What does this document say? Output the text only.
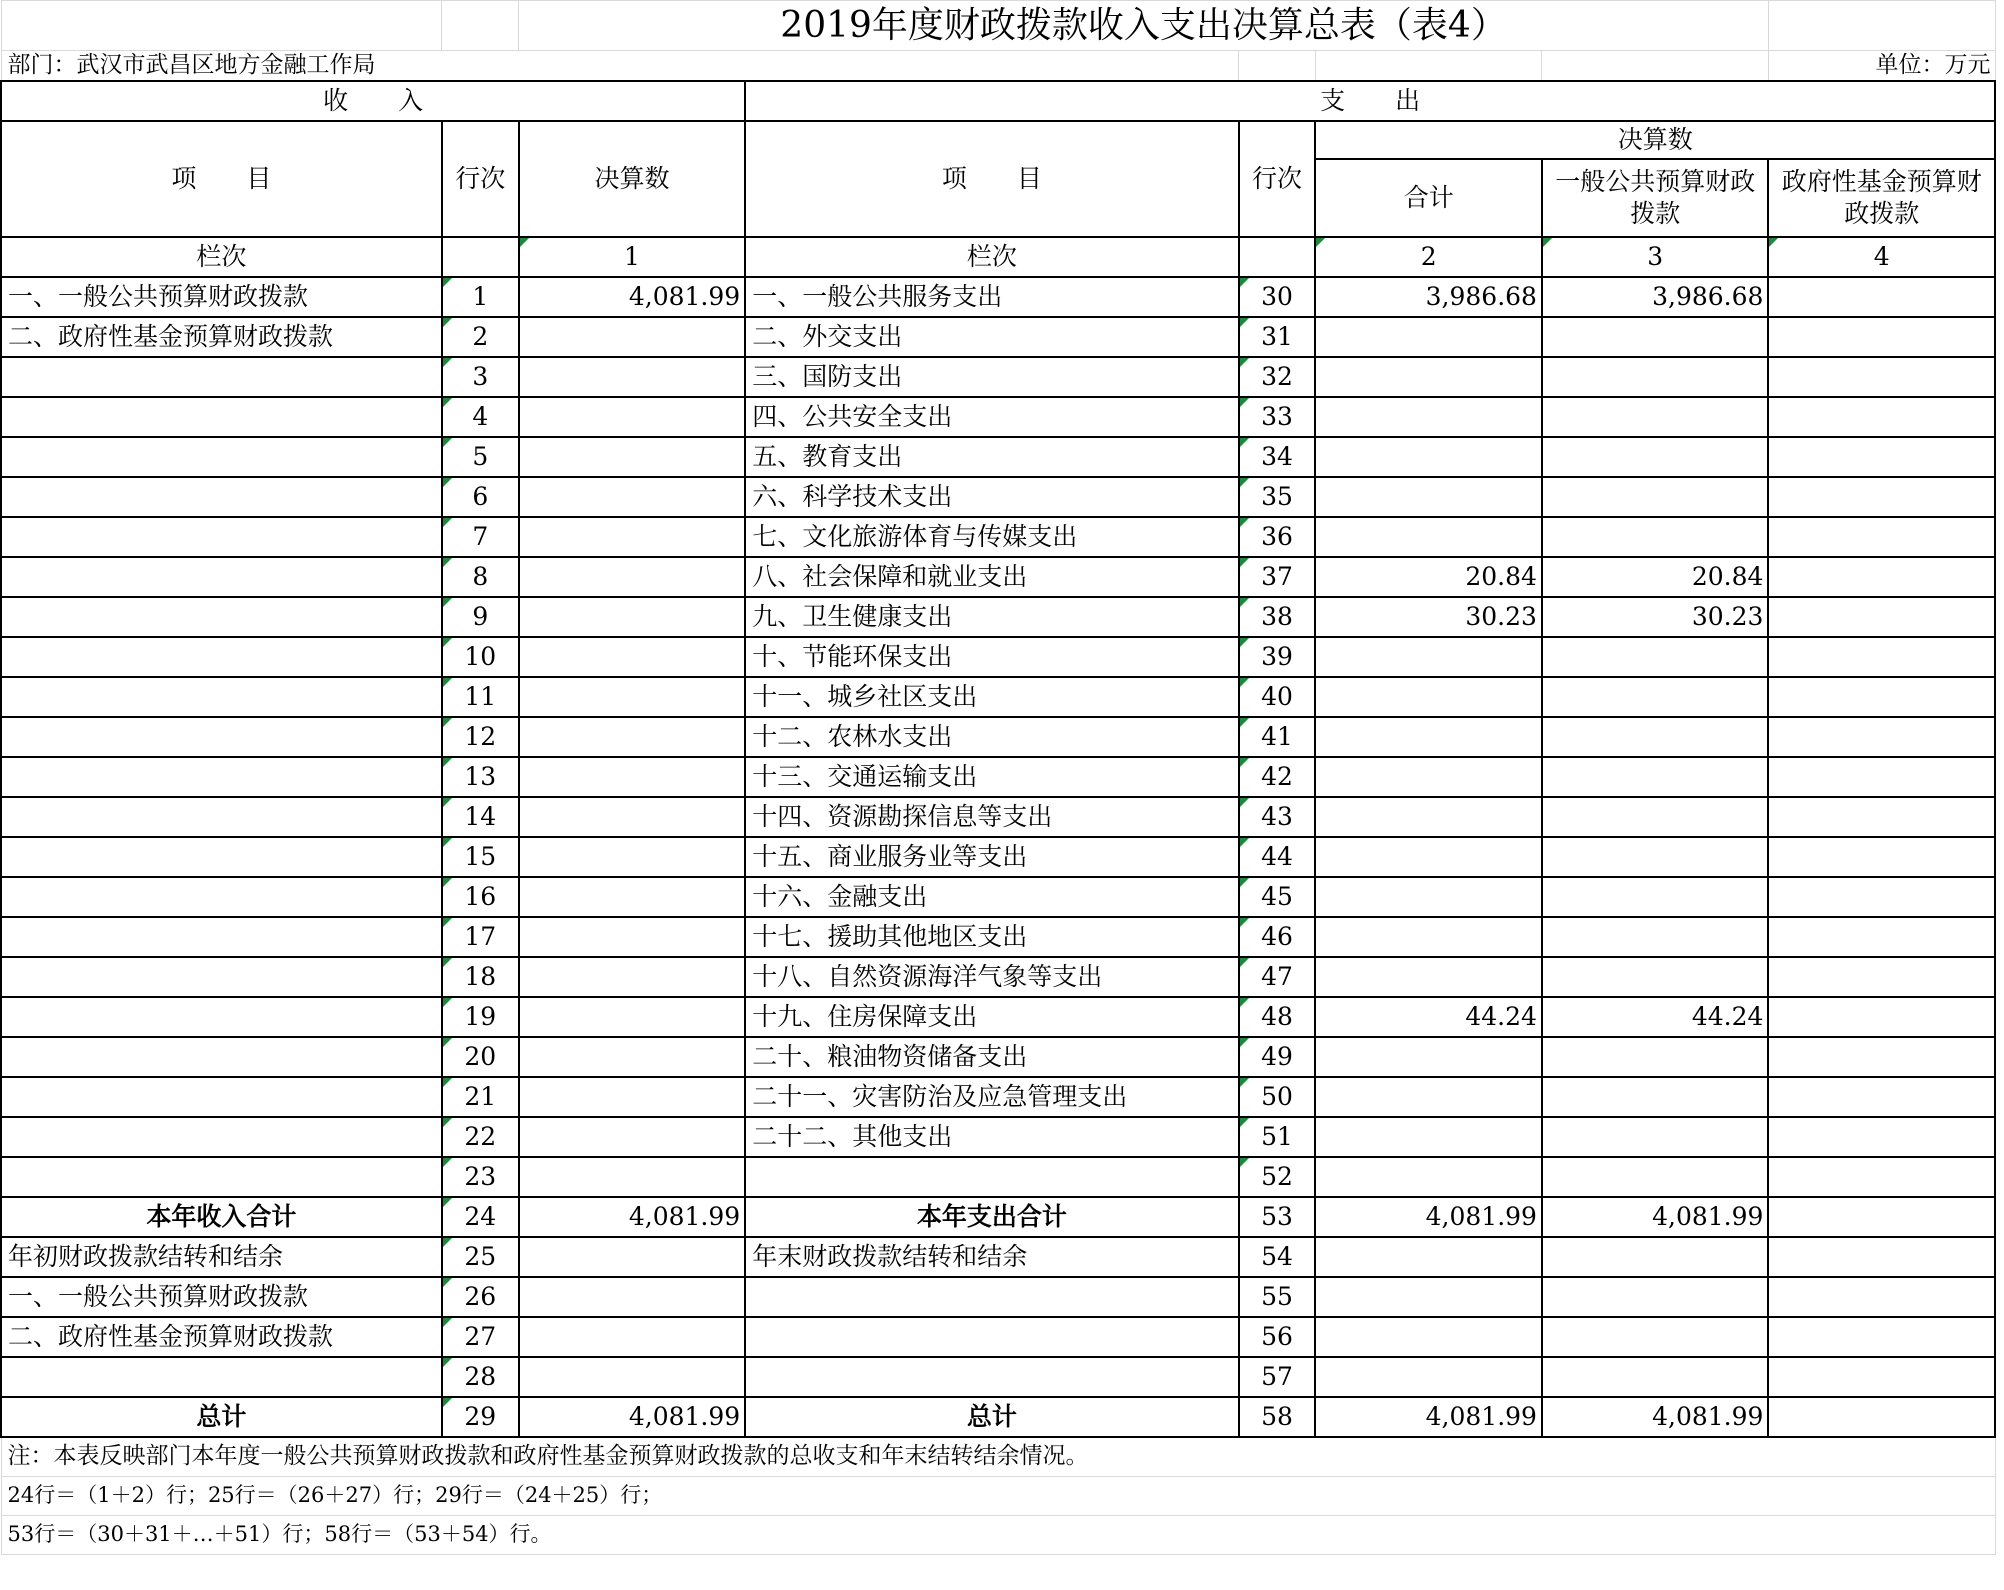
		2019年度财政拨款收入支出决算总表（表4）					
部门：武汉市武昌区地方金融工作局							单位：万元
收　　入			支　　出				
项　　目	行次	决算数	项　　目	行次	决算数		
					合计	一般公共预算财政拨款	政府性基金预算财政拨款
栏次		1	栏次		2	3	4
一、一般公共预算财政拨款	1	4,081.99	一、一般公共服务支出	30	3,986.68	3,986.68	
二、政府性基金预算财政拨款	2		二、外交支出	31			
	3		三、国防支出	32			
	4		四、公共安全支出	33			
	5		五、教育支出	34			
	6		六、科学技术支出	35			
	7		七、文化旅游体育与传媒支出	36			
	8		八、社会保障和就业支出	37	20.84	20.84	
	9		九、卫生健康支出	38	30.23	30.23	
	10		十、节能环保支出	39			
	11		十一、城乡社区支出	40			
	12		十二、农林水支出	41			
	13		十三、交通运输支出	42			
	14		十四、资源勘探信息等支出	43			
	15		十五、商业服务业等支出	44			
	16		十六、金融支出	45			
	17		十七、援助其他地区支出	46			
	18		十八、自然资源海洋气象等支出	47			
	19		十九、住房保障支出	48	44.24	44.24	
	20		二十、粮油物资储备支出	49			
	21		二十一、灾害防治及应急管理支出	50			
	22		二十二、其他支出	51			
	23			52			
本年收入合计	24	4,081.99	本年支出合计	53	4,081.99	4,081.99	
年初财政拨款结转和结余	25		年末财政拨款结转和结余	54			
一、一般公共预算财政拨款	26			55			
二、政府性基金预算财政拨款	27			56			
	28			57			
总计	29	4,081.99	总计	58	4,081.99	4,081.99	
注：本表反映部门本年度一般公共预算财政拨款和政府性基金预算财政拨款的总收支和年末结转结余情况。							
24行＝（1＋2）行；25行＝（26＋27）行；29行＝（24＋25）行；							
53行＝（30＋31＋…＋51）行；58行＝（53＋54）行。							
